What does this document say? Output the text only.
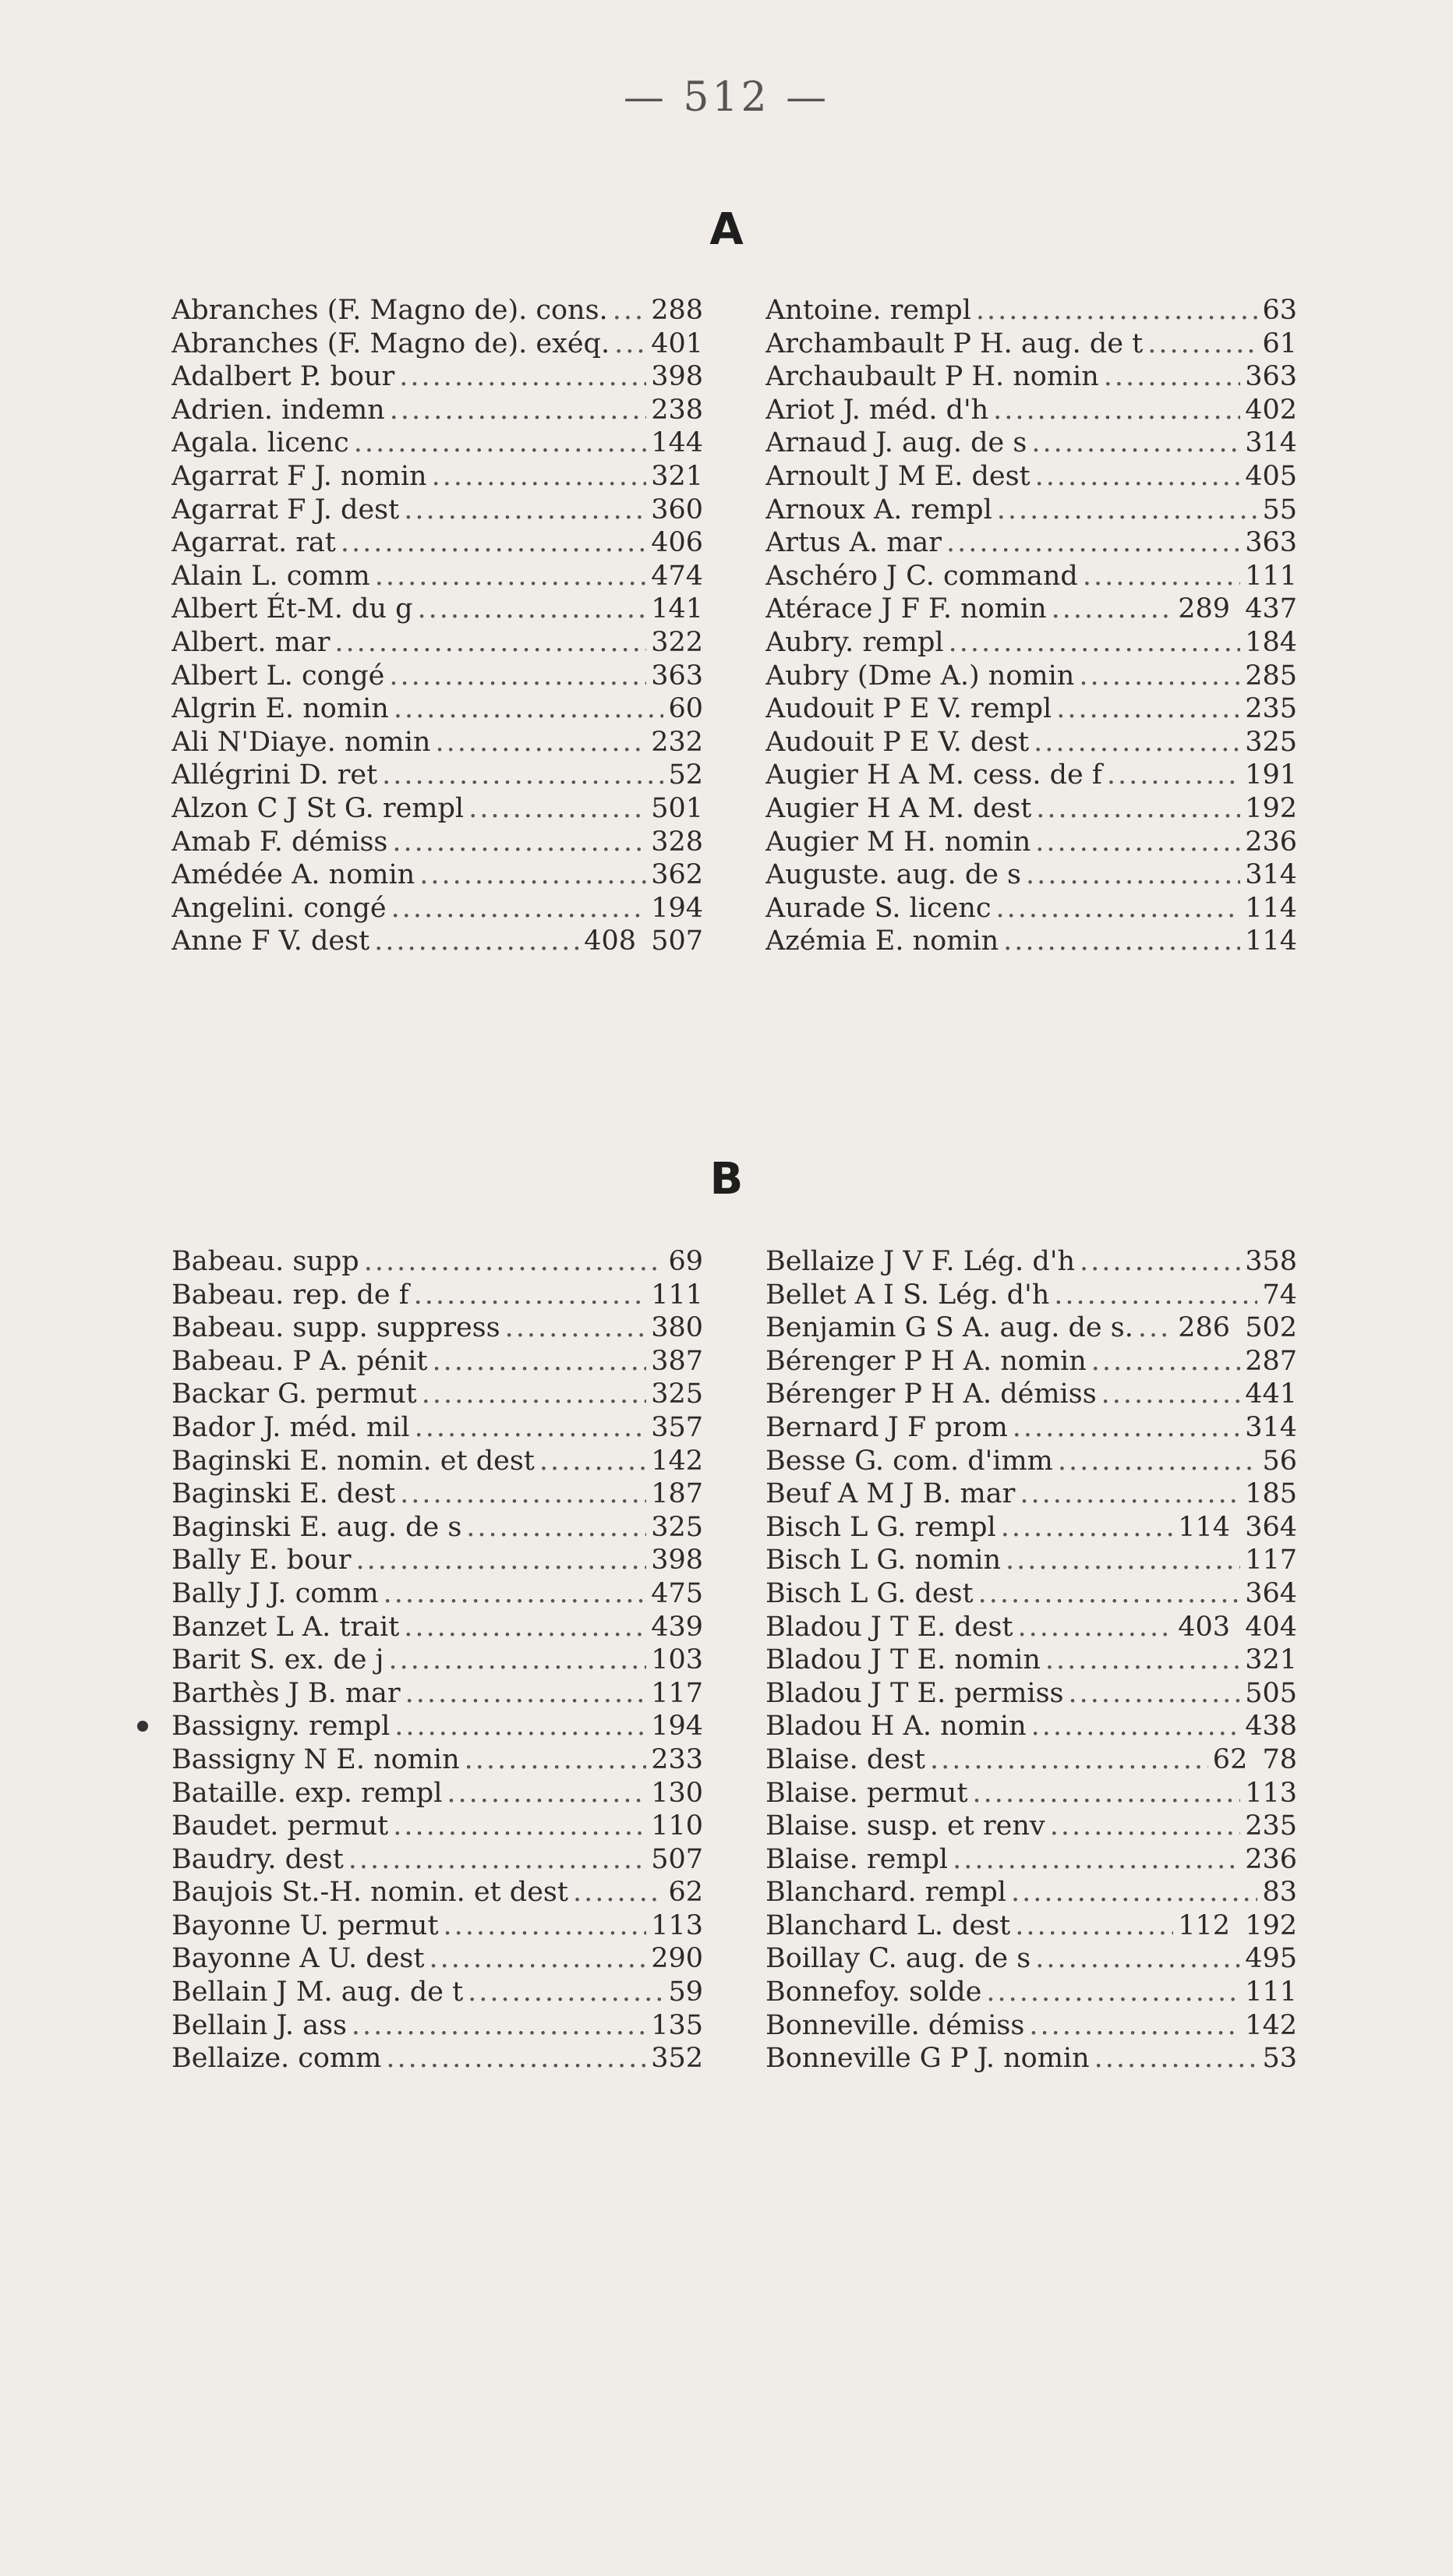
— 512 —
A
Abranches (F. Magno de). cons. ..... 288
Abranches (F. Magno de). exéq. ..... 401
Adalbert P. bour .....	398
Adrien. indemn .....	238
Agala. licenc .....	144
Agarrat F J. nomin .....	321
Agarrat F J. dest .....	360
Agarrat. rat .....	406
Alain L. comm .....	474
Albert Ét-M. du g .....	141
Albert. mar .....	322
Albert L. congé .....	363
Algrin E. nomin .....	60
Ali N'Diaye. nomin .....	232
Allégrini D. ret .....	52
Alzon C J St G. rempl .....	501
Amab F. démiss .....	328
Amédée A. nomin .....	362
Angelini. congé .....	194
Anne F V. dest .....	408 507
Antoine. rempl .....	63
Archambault P H. aug. de t .....	61
Archaubault P H. nomin .....	363
Ariot J. méd. d'h .....	402
Arnaud J. aug. de s .....	314
Arnoult J M E. dest .....	405
Arnoux A. rempl .....	55
Artus A. mar .....	363
Aschéro J C. command .....	111
Atérace J F F. nomin .....	289 437
Aubry. rempl .....	184
Aubry (Dme A.) nomin .....	285
Audouit P E V. rempl .....	235
Audouit P E V. dest .....	325
Augier H A M. cess. de f .....	191
Augier H A M. dest .....	192
Augier M H. nomin .....	236
Auguste. aug. de s .....	314
Aurade S. licenc .....	114
Azémia E. nomin .....	114
B
Babeau. supp .....	69
Babeau. rep. de f .....	111
Babeau. supp. suppress .....	380
Babeau. P A. pénit .....	387
Backar G. permut .....	325
Bador J. méd. mil .....	357
Baginski E. nomin. et dest .....	142
Baginski E. dest .....	187
Baginski E. aug. de s .....	325
Bally E. bour .....	398
Bally J J. comm .....	475
Banzet L A. trait .....	439
Barit S. ex. de j .....	103
Barthès J B. mar .....	117
Bassigny. rempl .....	194
Bassigny N E. nomin .....	233
Bataille. exp. rempl .....	130
Baudet. permut .....	110
Baudry. dest .....	507
Baujois St.-H. nomin. et dest .....	62
Bayonne U. permut .....	113
Bayonne A U. dest .....	290
Bellain J M. aug. de t .....	59
Bellain J. ass .....	135
Bellaize. comm .....	352
Bellaize J V F. Lég. d'h .....	358
Bellet A I S. Lég. d'h .....	74
Benjamin G S A. aug. de s. ..... 286 502
Bérenger P H A. nomin .....	287
Bérenger P H A. démiss .....	441
Bernard J F prom .....	314
Besse G. com. d'imm .....	56
Beuf A M J B. mar .....	185
Bisch L G. rempl .....	114 364
Bisch L G. nomin .....	117
Bisch L G. dest .....	364
Bladou J T E. dest .....	403 404
Bladou J T E. nomin .....	321
Bladou J T E. permiss .....	505
Bladou H A. nomin .....	438
Blaise. dest .....	62 78
Blaise. permut .....	113
Blaise. susp. et renv .....	235
Blaise. rempl .....	236
Blanchard. rempl .....	83
Blanchard L. dest .....	112 192
Boillay C. aug. de s .....	495
Bonnefoy. solde .....	111
Bonneville. démiss .....	142
Bonneville G P J. nomin .....	53
